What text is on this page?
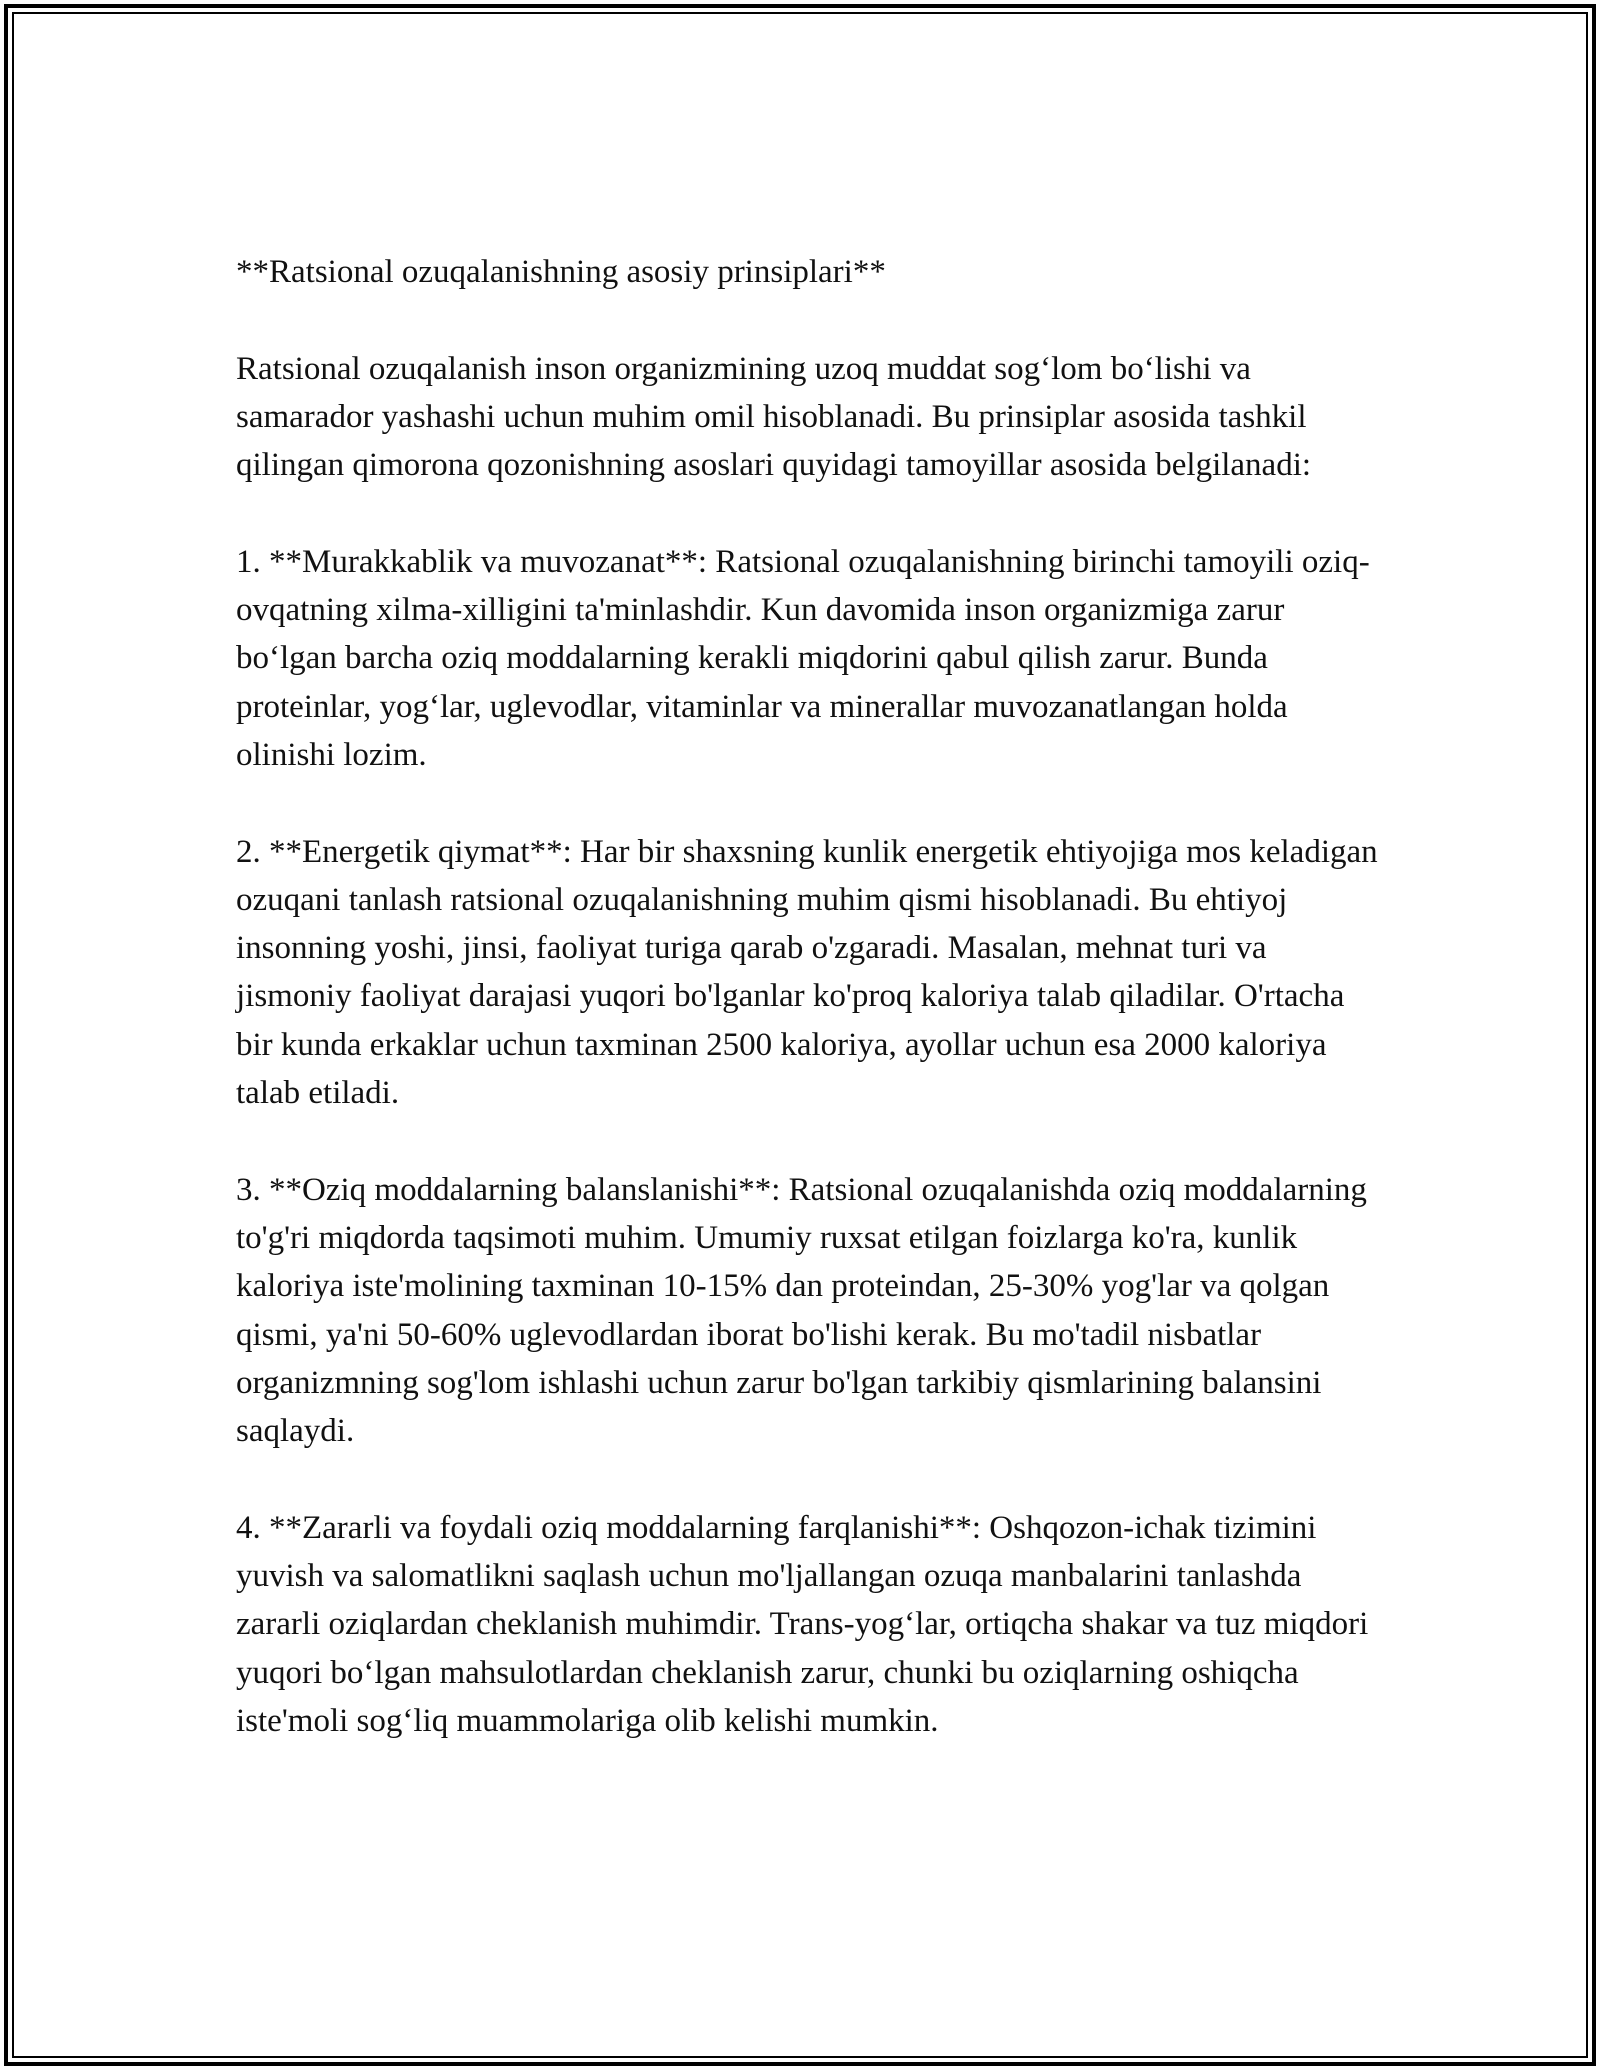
**Ratsional ozuqalanishning asosiy prinsiplari**

Ratsional ozuqalanish inson organizmining uzoq muddat sog‘lom bo‘lishi va samarador yashashi uchun muhim omil hisoblanadi. Bu prinsiplar asosida tashkil qilingan qimorona qozonishning asoslari quyidagi tamoyillar asosida belgilanadi:

1. **Murakkablik va muvozanat**: Ratsional ozuqalanishning birinchi tamoyili oziq-ovqatning xilma-xilligini ta'minlashdir. Kun davomida inson organizmiga zarur bo‘lgan barcha oziq moddalarning kerakli miqdorini qabul qilish zarur. Bunda proteinlar, yog‘lar, uglevodlar, vitaminlar va minerallar muvozanatlangan holda olinishi lozim.

2. **Energetik qiymat**: Har bir shaxsning kunlik energetik ehtiyojiga mos keladigan ozuqani tanlash ratsional ozuqalanishning muhim qismi hisoblanadi. Bu ehtiyoj insonning yoshi, jinsi, faoliyat turiga qarab o'zgaradi. Masalan, mehnat turi va jismoniy faoliyat darajasi yuqori bo'lganlar ko'proq kaloriya talab qiladilar. O'rtacha bir kunda erkaklar uchun taxminan 2500 kaloriya, ayollar uchun esa 2000 kaloriya talab etiladi.

3. **Oziq moddalarning balanslanishi**: Ratsional ozuqalanishda oziq moddalarning to'g'ri miqdorda taqsimoti muhim. Umumiy ruxsat etilgan foizlarga ko'ra, kunlik kaloriya iste'molining taxminan 10-15% dan proteindan, 25-30% yog'lar va qolgan qismi, ya'ni 50-60% uglevodlardan iborat bo'lishi kerak. Bu mo'tadil nisbatlar organizmning sog'lom ishlashi uchun zarur bo'lgan tarkibiy qismlarining balansini saqlaydi.

4. **Zararli va foydali oziq moddalarning farqlanishi**: Oshqozon-ichak tizimini yuvish va salomatlikni saqlash uchun mo'ljallangan ozuqa manbalarini tanlashda zararli oziqlardan cheklanish muhimdir. Trans-yog‘lar, ortiqcha shakar va tuz miqdori yuqori bo‘lgan mahsulotlardan cheklanish zarur, chunki bu oziqlarning oshiqcha iste'moli sog‘liq muammolariga olib kelishi mumkin.
